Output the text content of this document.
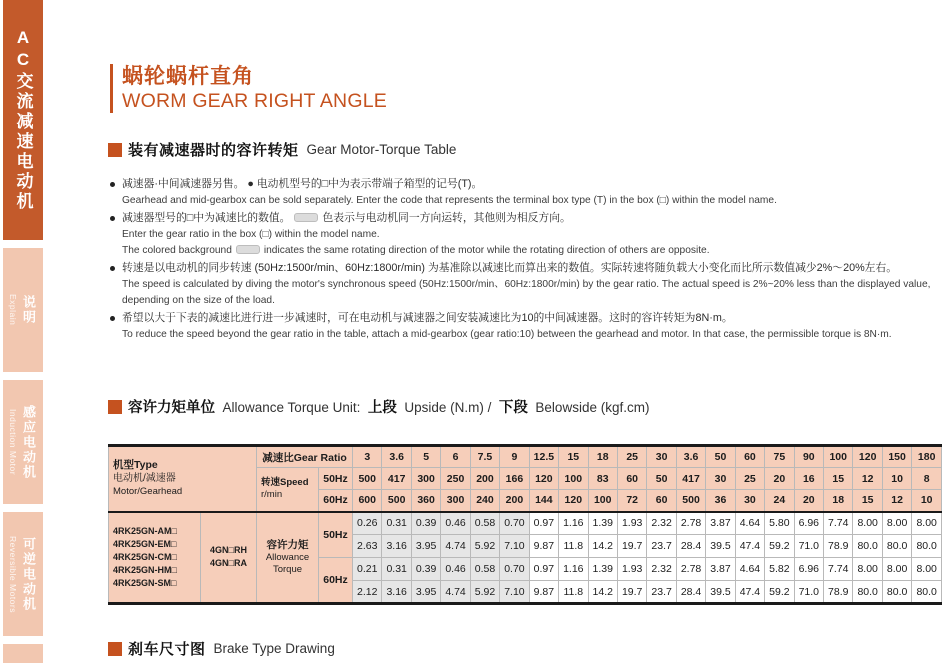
AC交流减速电动机
Explain 说明
Induction Motor 感应电动机
Reversible Motors 可逆电动机
蜗轮蜗杆直角
WORM GEAR RIGHT ANGLE
装有减速器时的容许转矩 Gear Motor-Torque Table
减速器·中间减速器另售。 ● 电动机型号的□中为表示带端子箱型的记号(T)。
Gearhead and mid-gearbox can be sold separately. Enter the code that represents the terminal box type (T) in the box (□) within the model name.
减速器型号的□中为减速比的数值。	色表示与电动机同一方向运转，其他则为相反方向。
Enter the gear ratio in the box (□) within the model name.
The colored background	indicates the same rotating direction of the motor while the rotating direction of others are opposite.
转速是以电动机的同步转速 (50Hz:1500r/min、60Hz:1800r/min) 为基准除以减速比而算出来的数值。实际转速将随负载大小变化而比所示数值减少2%～20%左右。
The speed is calculated by diving the motor's synchronous speed (50Hz:1500r/min、60Hz:1800r/min) by the gear ratio. The actual speed is 2%~20% less than the displayed value,
depending on the size of the load.
希望以大于下表的减速比进行进一步减速时，可在电动机与减速器之间安装减速比为10的中间减速器。这时的容许转矩为8N·m。
To reduce the speed beyond the gear ratio in the table, attach a mid-gearbox (gear ratio:10) between the gearhead and motor. In that case, the permissible torque is 8N·m.
容许力矩单位 Allowance Torque Unit: 上段 Upside (N.m) / 下段 Belowside (kgf.cm)
机型Type
电动机/减速器
Motor/Gearhead		减速比Gear Ratio		3	3.6	5	6	7.5	9	12.5	15	18	25	30	3.6	50	60	75	90	100	120	150	180

		转速Speed
r/min	50Hz	500	417	300	250	200	166	120	100	83	60	50	417	30	25	20	16	15	12	10	8
			60Hz	600	500	360	300	240	200	144	120	100	72	60	500	36	30	24	20	18	15	12	10

4RK25GN-AM□
4RK25GN-EM□
4RK25GN-CM□
4RK25GN-HM□
4RK25GN-SM□

4GN□RH
4GN□RA

容许力矩
Allowance
Torque
	50Hz	0.26	0.31	0.39	0.46	0.58	0.70	0.97	1.16	1.39	1.93	2.32	2.78	3.87	4.64	5.80	6.96	7.74	8.00	8.00	8.00
				2.63	3.16	3.95	4.74	5.92	7.10	9.87	11.8	14.2	19.7	23.7	28.4	39.5	47.4	59.2	71.0	78.9	80.0	80.0	80.0
			60Hz	0.21	0.31	0.39	0.46	0.58	0.70	0.97	1.16	1.39	1.93	2.32	2.78	3.87	4.64	5.82	6.96	7.74	8.00	8.00	8.00
				2.12	3.16	3.95	4.74	5.92	7.10	9.87	11.8	14.2	19.7	23.7	28.4	39.5	47.4	59.2	71.0	78.9	80.0	80.0	80.0
刹车尺寸图 Brake Type Drawing
